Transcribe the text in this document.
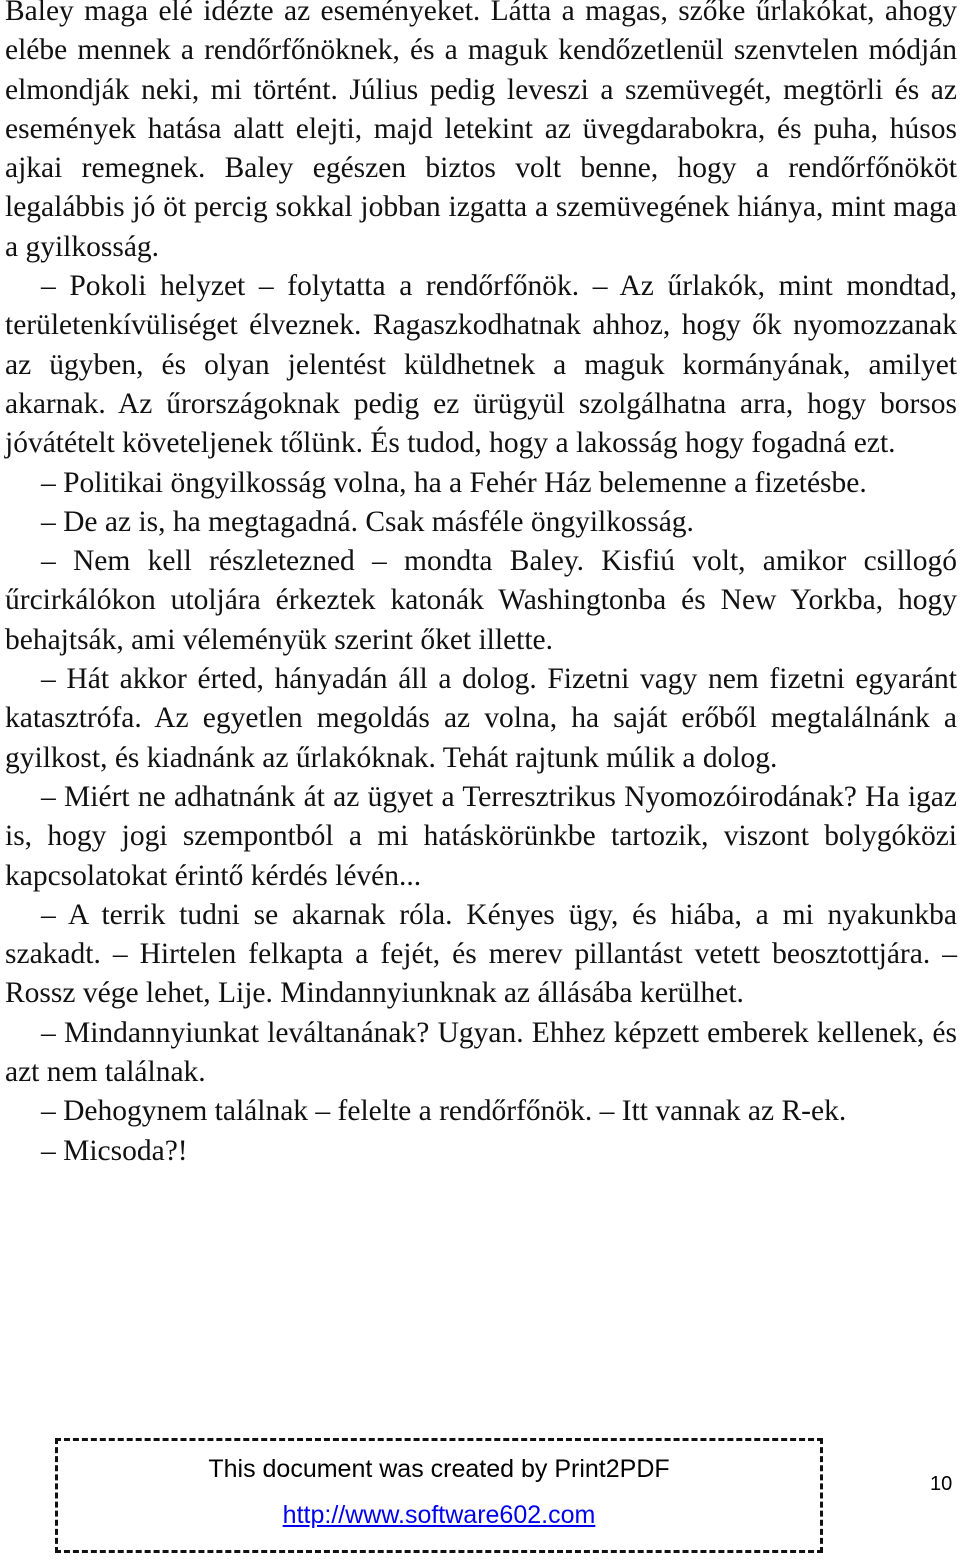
Baley maga elé idézte az eseményeket. Látta a magas, szőke űrlakókat, ahogy elébe mennek a rendőrfőnöknek, és a maguk kendőzetlenül szenvtelen módján elmondják neki, mi történt. Július pedig leveszi a szemüvegét, megtörli és az események hatása alatt elejti, majd letekint az üvegdarabokra, és puha, húsos ajkai remegnek. Baley egészen biztos volt benne, hogy a rendőrfőnököt legalábbis jó öt percig sokkal jobban izgatta a szemüvegének hiánya, mint maga a gyilkosság.

– Pokoli helyzet – folytatta a rendőrfőnök. – Az űrlakók, mint mondtad, területenkívüliséget élveznek. Ragaszkodhatnak ahhoz, hogy ők nyomozzanak az ügyben, és olyan jelentést küldhetnek a maguk kormányának, amilyet akarnak. Az űrországoknak pedig ez ürügyül szolgálhatna arra, hogy borsos jóvátételt követeljenek tőlünk. És tudod, hogy a lakosság hogy fogadná ezt.

– Politikai öngyilkosság volna, ha a Fehér Ház belemenne a fizetésbe.

– De az is, ha megtagadná. Csak másféle öngyilkosság.

– Nem kell részletezned – mondta Baley. Kisfiú volt, amikor csillogó űrcirkálókon utoljára érkeztek katonák Washingtonba és New Yorkba, hogy behajtsák, ami véleményük szerint őket illette.

– Hát akkor érted, hányadán áll a dolog. Fizetni vagy nem fizetni egyaránt katasztrófa. Az egyetlen megoldás az volna, ha saját erőből megtalálnánk a gyilkost, és kiadnánk az űrlakóknak. Tehát rajtunk múlik a dolog.

– Miért ne adhatnánk át az ügyet a Terresztrikus Nyomozóirodának? Ha igaz is, hogy jogi szempontból a mi hatáskörünkbe tartozik, viszont bolygóközi kapcsolatokat érintő kérdés lévén...

– A terrik tudni se akarnak róla. Kényes ügy, és hiába, a mi nyakunkba szakadt. – Hirtelen felkapta a fejét, és merev pillantást vetett beosztottjára. – Rossz vége lehet, Lije. Mindannyiunknak az állásába kerülhet.

– Mindannyiunkat leváltanának? Ugyan. Ehhez képzett emberek kellenek, és azt nem találnak.

– Dehogynem találnak – felelte a rendőrfőnök. – Itt vannak az R-ek.

– Micsoda?!

This document was created by Print2PDF
http://www.software602.com
10
